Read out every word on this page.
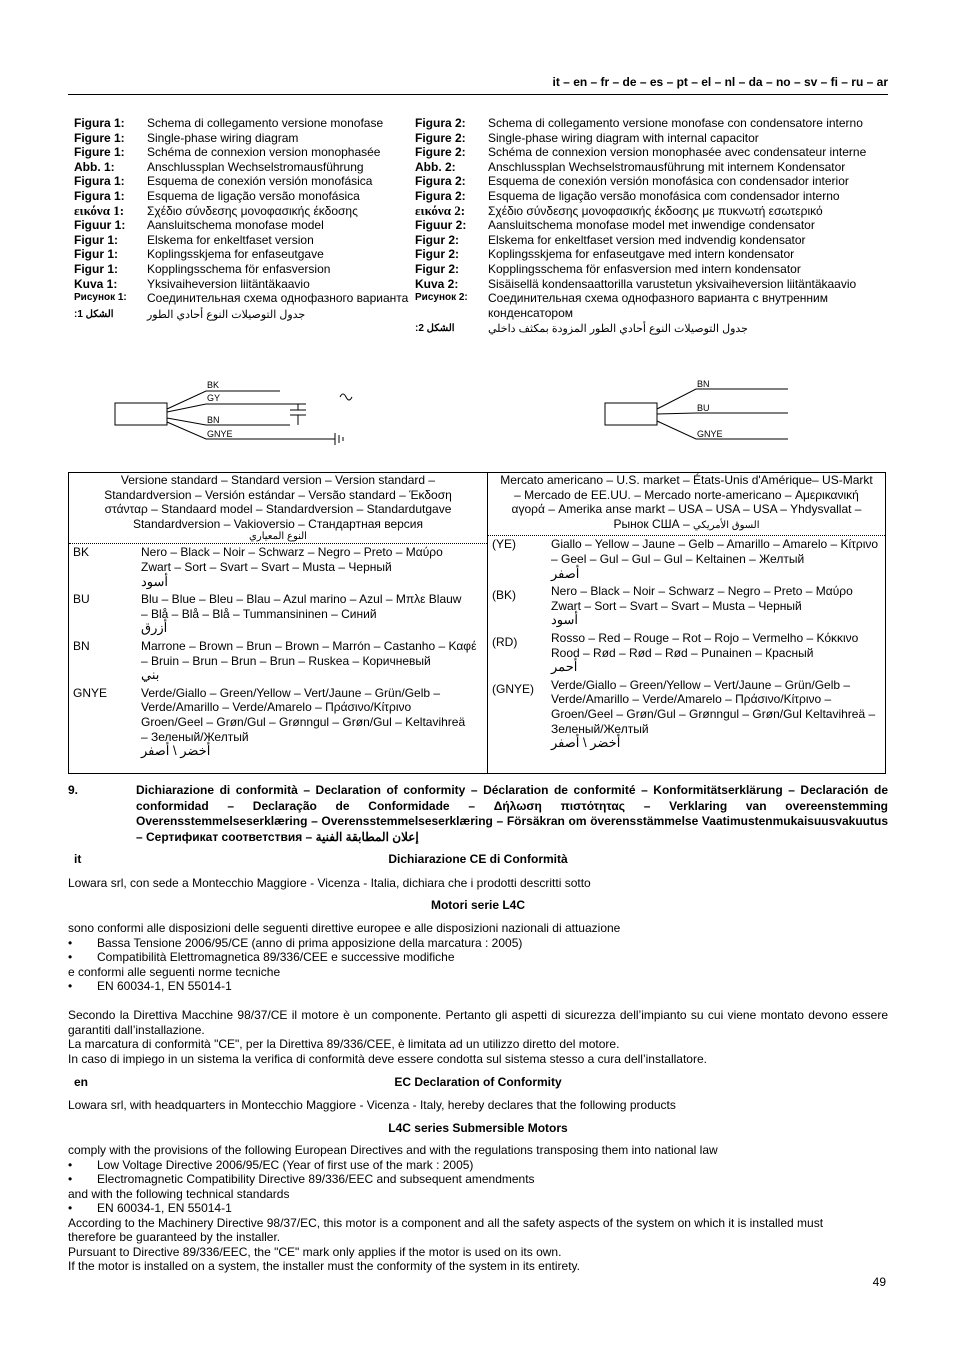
it – en – fr – de – es – pt – el – nl – da – no – sv – fi – ru – ar
Figura 1:	Schema di collegamento versione monofase
Figure 1:	Single-phase wiring diagram
Figure 1:	Schéma de connexion version monophasée
Abb. 1:	Anschlussplan Wechselstromausführung
Figura 1:	Esquema de conexión versión monofásica
Figura 1:	Esquema de ligação versão monofásica
εικόνα 1:	Σχέδιο σύνδεσης μονοφασικής έκδοσης
Figuur 1:	Aansluitschema monofase model
Figur 1:	Elskema for enkeltfaset version
Figur 1:	Koplingsskjema for enfaseutgave
Figur 1:	Kopplingsschema för enfasversion
Kuva 1:	Yksivaiheversion liitäntäkaavio
Рисунок 1:	Соединительная схема однофазного варианта
:1 الشكل	جدول التوصيلات النوع أحادي الطور
Figura 2:	Schema di collegamento versione monofase con condensatore interno
Figure 2:	Single-phase wiring diagram with internal capacitor
Figure 2:	Schéma de connexion version monophasée avec condensateur interne
Abb. 2:	Anschlussplan Wechselstromausführung mit internem Kondensator
Figura 2:	Esquema de conexión versión monofásica con condensador interior
Figura 2:	Esquema de ligação versão monofásica com condensador interno
εικόνα 2:	Σχέδιο σύνδεσης μονοφασικής έκδοσης με πυκνωτή εσωτερικό
Figuur 2:	Aansluitschema monofase model met inwendige condensator
Figur 2:	Elskema for enkeltfaset version med indvendig kondensator
Figur 2:	Koplingsskjema for enfaseutgave med intern kondensator
Figur 2:	Kopplingsschema för enfasversion med intern kondensator
Kuva 2:	Sisäisellä kondensaattorilla varustetun yksivaiheversion liitäntäkaavio
Рисунок 2:	Соединительная схема однофазного варианта с внутренним конденсатором
:2 الشكل	جدول التوصيلات النوع أحادي الطور المزودة بمكثف داخلي
BK
GY
BN
GNYE
BN
BU
GNYE
Versione standard – Standard version – Version standard – Standardversion – Versión estándar – Versão standard – Έκδοση στάνταρ – Standaard model – Standardversion – Standardutgave Standardversion – Vakioversio – Стандартная версия
النوع المعياري
BK	Nero – Black – Noir – Schwarz – Negro – Preto – Μαύρο Zwart – Sort – Svart – Svart – Musta – Черный
أسود
BU	Blu – Blue – Bleu – Blau – Azul marino – Azul – Μπλε Blauw – Blå – Blå – Blå – Tummansininen – Синий
أزرق
BN	Marrone – Brown – Brun – Brown – Marrón – Castanho – Καφέ – Bruin – Brun – Brun – Brun – Ruskea – Коричневый
بني
GNYE	Verde/Giallo – Green/Yellow – Vert/Jaune – Grün/Gelb – Verde/Amarillo – Verde/Amarelo – Πράσινο/Κίτρινο Groen/Geel – Grøn/Gul – Grønngul – Grøn/Gul – Keltavihreä – Зеленый/Желтый
أخضر \ أصفر
Mercato americano – U.S. market – États-Unis d'Amérique– US-Markt – Mercado de EE.UU. – Mercado norte-americano – Αμερικανική αγορά – Amerika anse markt – USA – USA – USA – Yhdysvallat – Рынок США – السوق الأمريكي
(YE)	Giallo – Yellow – Jaune – Gelb – Amarillo – Amarelo – Κίτρινο – Geel – Gul – Gul – Gul – Keltainen – Желтый
أصفر
(BK)	Nero – Black – Noir – Schwarz – Negro – Preto – Μαύρο Zwart – Sort – Svart – Svart – Musta – Черный
أسود
(RD)	Rosso – Red – Rouge – Rot – Rojo – Vermelho – Κόκκινο Rood – Rød – Rød – Rød – Punainen – Красный
أحمر
(GNYE)	Verde/Giallo – Green/Yellow – Vert/Jaune – Grün/Gelb – Verde/Amarillo – Verde/Amarelo – Πράσινο/Κίτρινο – Groen/Geel – Grøn/Gul – Grønngul – Grøn/Gul Keltavihreä – Зеленый/Желтый
أخضر \ أصفر
9.	Dichiarazione di conformità – Declaration of conformity – Déclaration de conformité – Konformitätserklärung – Declaración de conformidad – Declaração de Conformidade – Δήλωση πιστότητας – Verklaring van overeenstemming Overensstemmelseserklæring – Overensstemmelseserklæring – Försäkran om överensstämmelse Vaatimustenmukaisuusvakuutus – Сертификат соответствия – إعلان المطابقة الفنية
it	Dichiarazione CE di Conformità
Lowara srl, con sede a Montecchio Maggiore - Vicenza - Italia, dichiara che i prodotti descritti sotto
Motori serie L4C
sono conformi alle disposizioni delle seguenti direttive europee e alle disposizioni nazionali di attuazione
•	Bassa Tensione 2006/95/CE (anno di prima apposizione della marcatura : 2005)
•	Compatibilità Elettromagnetica 89/336/CEE e successive modifiche
e conformi alle seguenti norme tecniche
•	EN 60034-1, EN 55014-1
Secondo la Direttiva Macchine 98/37/CE il motore è un componente. Pertanto gli aspetti di sicurezza dell’impianto su cui viene montato devono essere garantiti dall’installazione.
La marcatura di conformità "CE", per la Direttiva 89/336/CEE, è limitata ad un utilizzo diretto del motore.
In caso di impiego in un sistema la verifica di conformità deve essere condotta sul sistema stesso a cura dell’installatore.
en	EC Declaration of Conformity
Lowara srl, with headquarters in Montecchio Maggiore - Vicenza - Italy, hereby declares that the following products
L4C series Submersible Motors
comply with the provisions of the following European Directives and with the regulations transposing them into national law
•	Low Voltage Directive 2006/95/EC (Year of first use of the mark : 2005)
•	Electromagnetic Compatibility Directive 89/336/EEC and subsequent amendments
and with the following technical standards
•	EN 60034-1, EN 55014-1
According to the Machinery Directive 98/37/EC, this motor is a component and all the safety aspects of the system on which it is installed must therefore be guaranteed by the installer.
Pursuant to Directive 89/336/EEC, the "CE" mark only applies if the motor is used on its own.
If the motor is installed on a system, the installer must the conformity of the system in its entirety.
49
